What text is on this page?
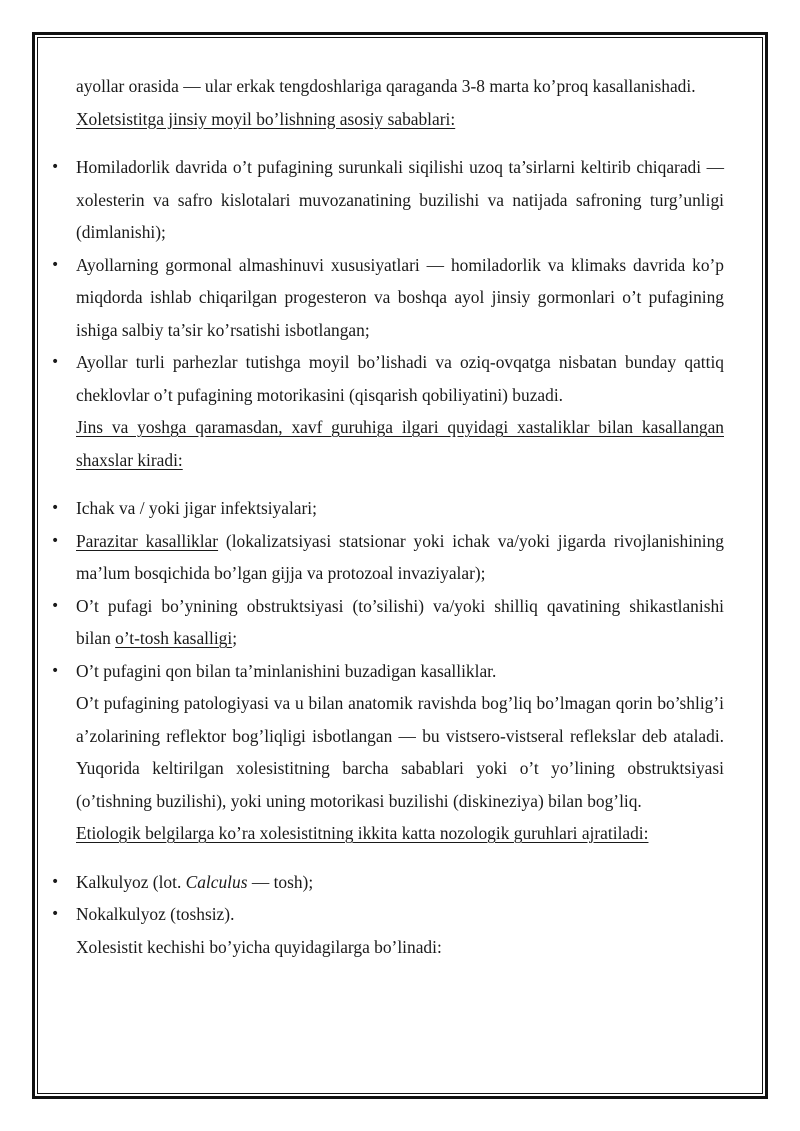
ayollar orasida — ular erkak tengdoshlariga qaraganda 3-8 marta ko’proq kasallanishadi.

Xoletsistitga jinsiy moyil bo’lishning asosiy sabablari:

• Homiladorlik davrida o’t pufagining surunkali siqilishi uzoq ta’sirlarni keltirib chiqaradi — xolesterin va safro kislotalari muvozanatining buzilishi va natijada safroning turg’unligi (dimlanishi);
• Ayollarning gormonal almashinuvi xususiyatlari — homiladorlik va klimaks davrida ko’p miqdorda ishlab chiqarilgan progesteron va boshqa ayol jinsiy gormonlari o’t pufagining ishiga salbiy ta’sir ko’rsatishi isbotlangan;
• Ayollar turli parhezlar tutishga moyil bo’lishadi va oziq-ovqatga nisbatan bunday qattiq cheklovlar o’t pufagining motorikasini (qisqarish qobiliyatini) buzadi.

Jins va yoshga qaramasdan, xavf guruhiga ilgari quyidagi xastaliklar bilan kasallangan shaxslar kiradi:

• Ichak va / yoki jigar infektsiyalari;
• Parazitar kasalliklar (lokalizatsiyasi statsionar yoki ichak va/yoki jigarda rivojlanishining ma’lum bosqichida bo’lgan gijja va protozoal invaziyalar);
• O’t pufagi bo’ynining obstruktsiyasi (to’silishi) va/yoki shilliq qavatining shikastlanishi bilan o’t-tosh kasalligi;
• O’t pufagini qon bilan ta’minlanishini buzadigan kasalliklar.

O’t pufagining patologiyasi va u bilan anatomik ravishda bog’liq bo’lmagan qorin bo’shlig’i a’zolarining reflektor bog’liqligi isbotlangan — bu vistsero-vistseral reflekslar deb ataladi. Yuqorida keltirilgan xolesistitning barcha sabablari yoki o’t yo’lining obstruktsiyasi (o’tishning buzilishi), yoki uning motorikasi buzilishi (diskineziya) bilan bog’liq.

Etiologik belgilarga ko’ra xolesistitning ikkita katta nozologik guruhlari ajratiladi:

• Kalkulyoz (lot. Calculus — tosh);
• Nokalkulyoz (toshsiz).

Xolesistit kechishi bo’yicha quyidagilarga bo’linadi:
